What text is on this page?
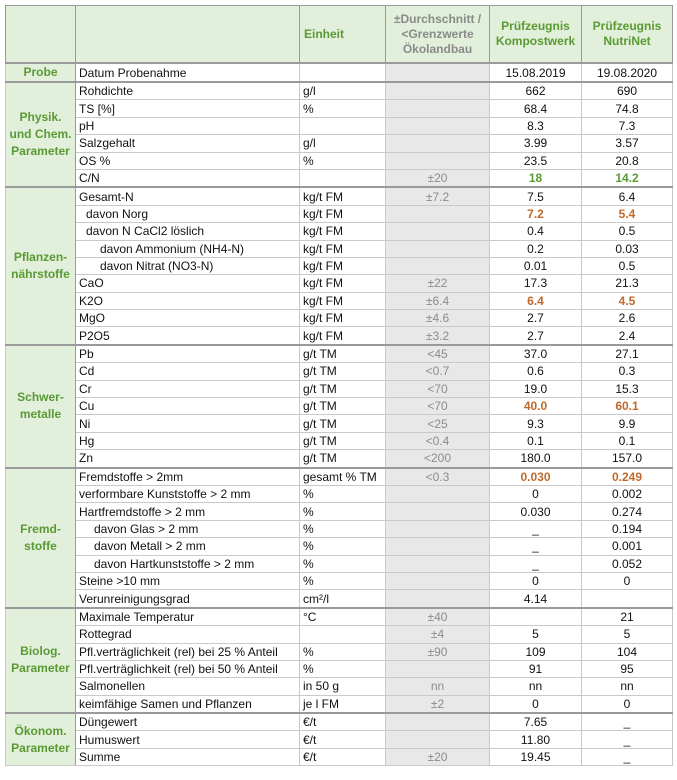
		Einheit	±Durchschnitt / <Grenzwerte Ökolandbau	Prüfzeugnis Kompostwerk	Prüfzeugnis NutriNet
Probe	Datum Probenahme			15.08.2019	19.08.2020
Physik. und Chem. Parameter	Rohdichte	g/l		662	690
	TS [%]	%		68.4	74.8
	pH			8.3	7.3
	Salzgehalt	g/l		3.99	3.57
	OS %	%		23.5	20.8
	C/N		±20	18	14.2
Pflanzen-nährstoffe	Gesamt-N	kg/t FM	±7.2	7.5	6.4
	davon Norg	kg/t FM		7.2	5.4
	davon N CaCl2 löslich	kg/t FM		0.4	0.5
	davon Ammonium (NH4-N)	kg/t FM		0.2	0.03
	davon Nitrat (NO3-N)	kg/t FM		0.01	0.5
	CaO	kg/t FM	±22	17.3	21.3
	K2O	kg/t FM	±6.4	6.4	4.5
	MgO	kg/t FM	±4.6	2.7	2.6
	P2O5	kg/t FM	±3.2	2.7	2.4
Schwer-metalle	Pb	g/t TM	<45	37.0	27.1
	Cd	g/t TM	<0.7	0.6	0.3
	Cr	g/t TM	<70	19.0	15.3
	Cu	g/t TM	<70	40.0	60.1
	Ni	g/t TM	<25	9.3	9.9
	Hg	g/t TM	<0.4	0.1	0.1
	Zn	g/t TM	<200	180.0	157.0
Fremd-stoffe	Fremdstoffe > 2mm	gesamt % TM	<0.3	0.030	0.249
	verformbare Kunststoffe > 2 mm	%		0	0.002
	Hartfremdstoffe > 2 mm	%		0.030	0.274
	davon Glas > 2 mm	%		_	0.194
	davon Metall > 2 mm	%		_	0.001
	davon Hartkunststoffe > 2 mm	%		_	0.052
	Steine >10 mm	%		0	0
	Verunreinigungsgrad	cm²/l		4.14	
Biolog. Parameter	Maximale Temperatur	°C	±40		21
	Rottegrad		±4	5	5
	Pfl.verträglichkeit (rel) bei 25 % Anteil	%	±90	109	104
	Pfl.verträglichkeit (rel) bei 50 % Anteil	%		91	95
	Salmonellen	in 50 g	nn	nn	nn
	keimfähige Samen und Pflanzen	je l FM	±2	0	0
Ökonom. Parameter	Düngewert	€/t		7.65	_
	Humuswert	€/t		11.80	_
	Summe	€/t	±20	19.45	_
